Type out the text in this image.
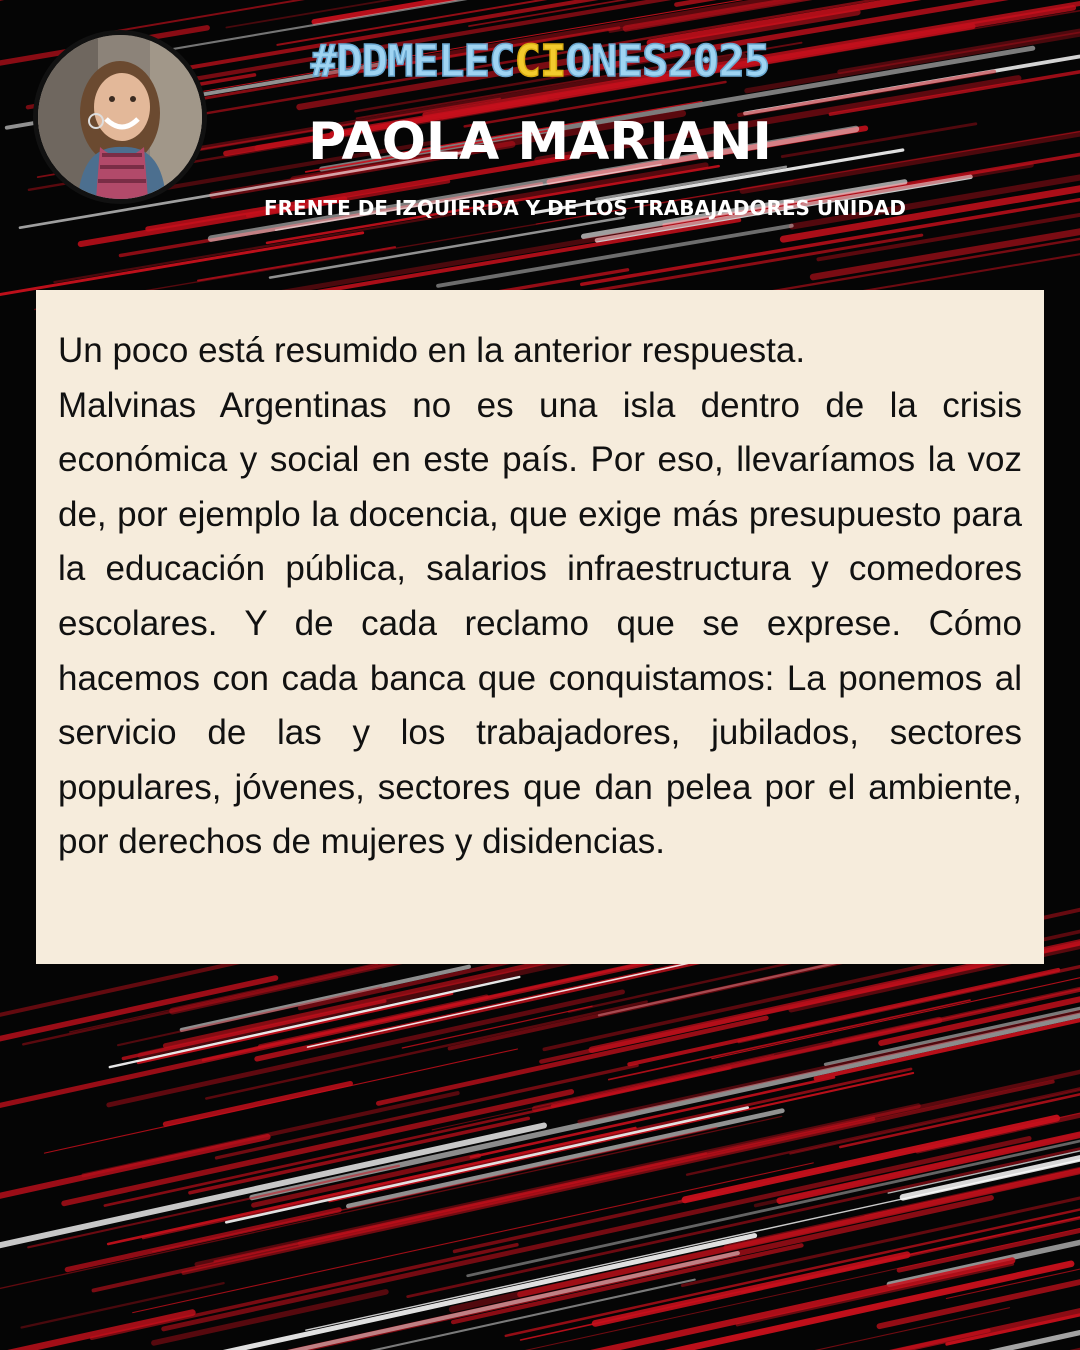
#DDMELECCIONES2025
PAOLA MARIANI
FRENTE DE IZQUIERDA Y DE LOS TRABAJADORES UNIDAD

Un poco está resumido en la anterior respuesta.

Malvinas Argentinas no es una isla dentro de la crisis económica y social en este país. Por eso, llevaríamos la voz de, por ejemplo la docencia, que exige más presupuesto para la educación pública, salarios infraestructura y comedores escolares. Y de cada reclamo que se exprese. Cómo hacemos con cada banca que conquistamos: La ponemos al servicio de las y los trabajadores, jubilados, sectores populares, jóvenes, sectores que dan pelea por el ambiente, por derechos de mujeres y disidencias.
